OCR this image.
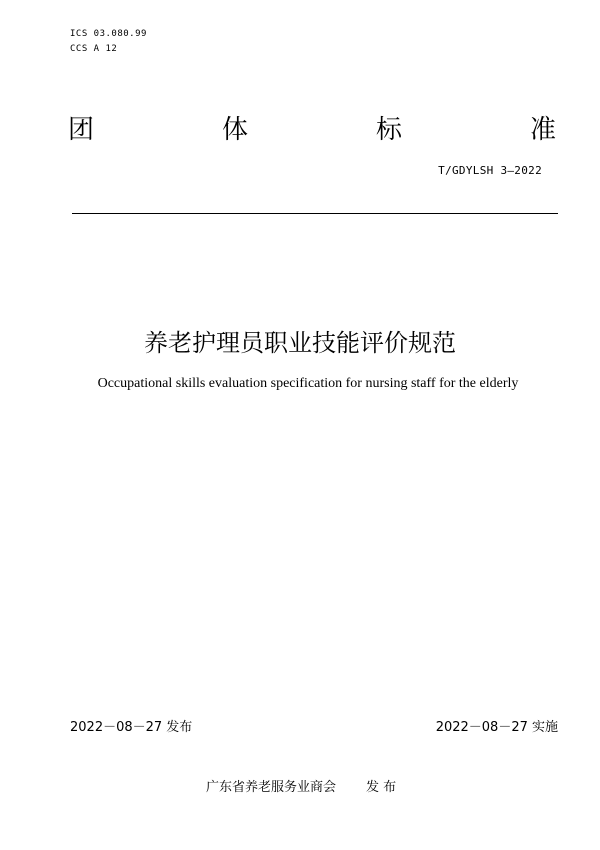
ICS 03.080.99
CCS A 12
团	体	标	准
T/GDYLSH 3—2022
养老护理员职业技能评价规范
Occupational skills evaluation specification for nursing staff for the elderly
2022－08－27 发布	2022－08－27 实施
广东省养老服务业商会 发 布
